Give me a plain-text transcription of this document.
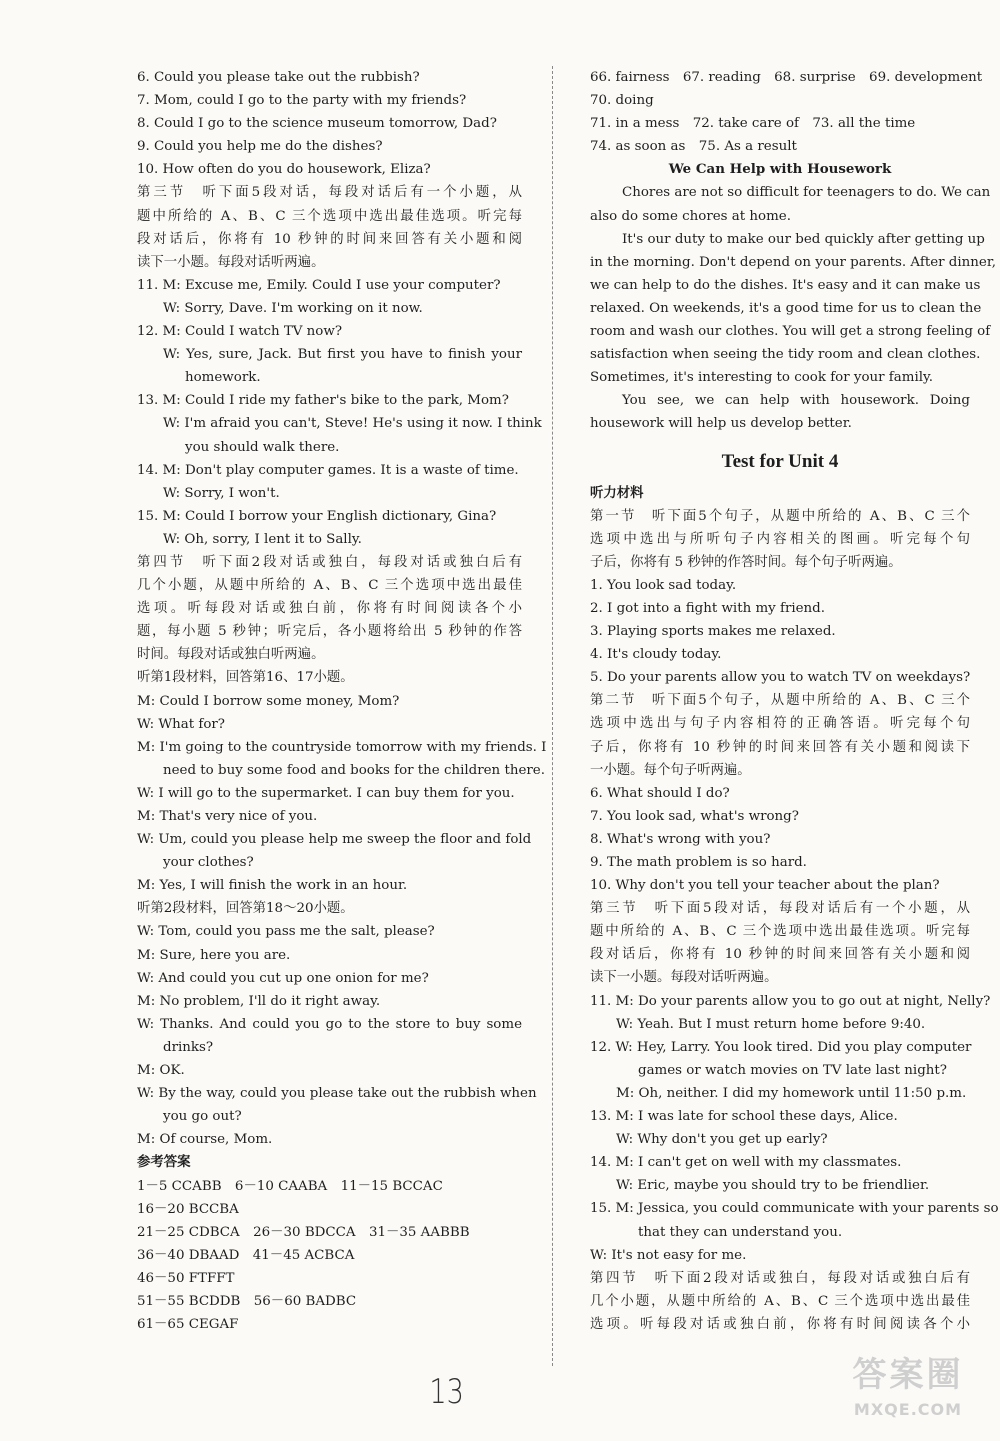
6. Could you please take out the rubbish?
7. Mom, could I go to the party with my friends?
8. Could I go to the science museum tomorrow, Dad?
9. Could you help me do the dishes?
10. How often do you do housework, Eliza?
第三节　听下面5段对话，每段对话后有一个小题，从
题中所给的 A、B、C 三个选项中选出最佳选项。听完每
段对话后，你将有 10 秒钟的时间来回答有关小题和阅
读下一小题。每段对话听两遍。
11. M: Excuse me, Emily. Could I use your computer?
W: Sorry, Dave. I'm working on it now.
12. M: Could I watch TV now?
W: Yes, sure, Jack. But first you have to finish your
homework.
13. M: Could I ride my father's bike to the park, Mom?
W: I'm afraid you can't, Steve! He's using it now. I think
you should walk there.
14. M: Don't play computer games. It is a waste of time.
W: Sorry, I won't.
15. M: Could I borrow your English dictionary, Gina?
W: Oh, sorry, I lent it to Sally.
第四节　听下面2段对话或独白，每段对话或独白后有
几个小题，从题中所给的 A、B、C 三个选项中选出最佳
选项。听每段对话或独白前，你将有时间阅读各个小
题，每小题 5 秒钟；听完后，各小题将给出 5 秒钟的作答
时间。每段对话或独白听两遍。
听第1段材料，回答第16、17小题。
M: Could I borrow some money, Mom?
W: What for?
M: I'm going to the countryside tomorrow with my friends. I
need to buy some food and books for the children there.
W: I will go to the supermarket. I can buy them for you.
M: That's very nice of you.
W: Um, could you please help me sweep the floor and fold
your clothes?
M: Yes, I will finish the work in an hour.
听第2段材料，回答第18～20小题。
W: Tom, could you pass me the salt, please?
M: Sure, here you are.
W: And could you cut up one onion for me?
M: No problem, I'll do it right away.
W: Thanks. And could you go to the store to buy some
drinks?
M: OK.
W: By the way, could you please take out the rubbish when
you go out?
M: Of course, Mom.
参考答案
1－5 CCABB　6－10 CAABA　11－15 BCCAC
16－20 BCCBA
21－25 CDBCA　26－30 BDCCA　31－35 AABBB
36－40 DBAAD　41－45 ACBCA
46－50 FTFFT
51－55 BCDDB　56－60 BADBC
61－65 CEGAF
66. fairness　67. reading　68. surprise　69. development
70. doing
71. in a mess　72. take care of　73. all the time
74. as soon as　75. As a result
We Can Help with Housework
Chores are not so difficult for teenagers to do. We can
also do some chores at home.
It's our duty to make our bed quickly after getting up
in the morning. Don't depend on your parents. After dinner,
we can help to do the dishes. It's easy and it can make us
relaxed. On weekends, it's a good time for us to clean the
room and wash our clothes. You will get a strong feeling of
satisfaction when seeing the tidy room and clean clothes.
Sometimes, it's interesting to cook for your family.
You see, we can help with housework. Doing
housework will help us develop better.
Test for Unit 4
听力材料
第一节　听下面5个句子，从题中所给的 A、B、C 三个
选项中选出与所听句子内容相关的图画。听完每个句
子后，你将有 5 秒钟的作答时间。每个句子听两遍。
1. You look sad today.
2. I got into a fight with my friend.
3. Playing sports makes me relaxed.
4. It's cloudy today.
5. Do your parents allow you to watch TV on weekdays?
第二节　听下面5个句子，从题中所给的 A、B、C 三个
选项中选出与句子内容相符的正确答语。听完每个句
子后，你将有 10 秒钟的时间来回答有关小题和阅读下
一小题。每个句子听两遍。
6. What should I do?
7. You look sad, what's wrong?
8. What's wrong with you?
9. The math problem is so hard.
10. Why don't you tell your teacher about the plan?
第三节　听下面5段对话，每段对话后有一个小题，从
题中所给的 A、B、C 三个选项中选出最佳选项。听完每
段对话后，你将有 10 秒钟的时间来回答有关小题和阅
读下一小题。每段对话听两遍。
11. M: Do your parents allow you to go out at night, Nelly?
W: Yeah. But I must return home before 9:40.
12. W: Hey, Larry. You look tired. Did you play computer
games or watch movies on TV late last night?
M: Oh, neither. I did my homework until 11:50 p.m.
13. M: I was late for school these days, Alice.
W: Why don't you get up early?
14. M: I can't get on well with my classmates.
W: Eric, maybe you should try to be friendlier.
15. M: Jessica, you could communicate with your parents so
that they can understand you.
W: It's not easy for me.
第四节　听下面2段对话或独白，每段对话或独白后有
几个小题，从题中所给的 A、B、C 三个选项中选出最佳
选项。听每段对话或独白前，你将有时间阅读各个小
13	答案圈
MXQE.COM
